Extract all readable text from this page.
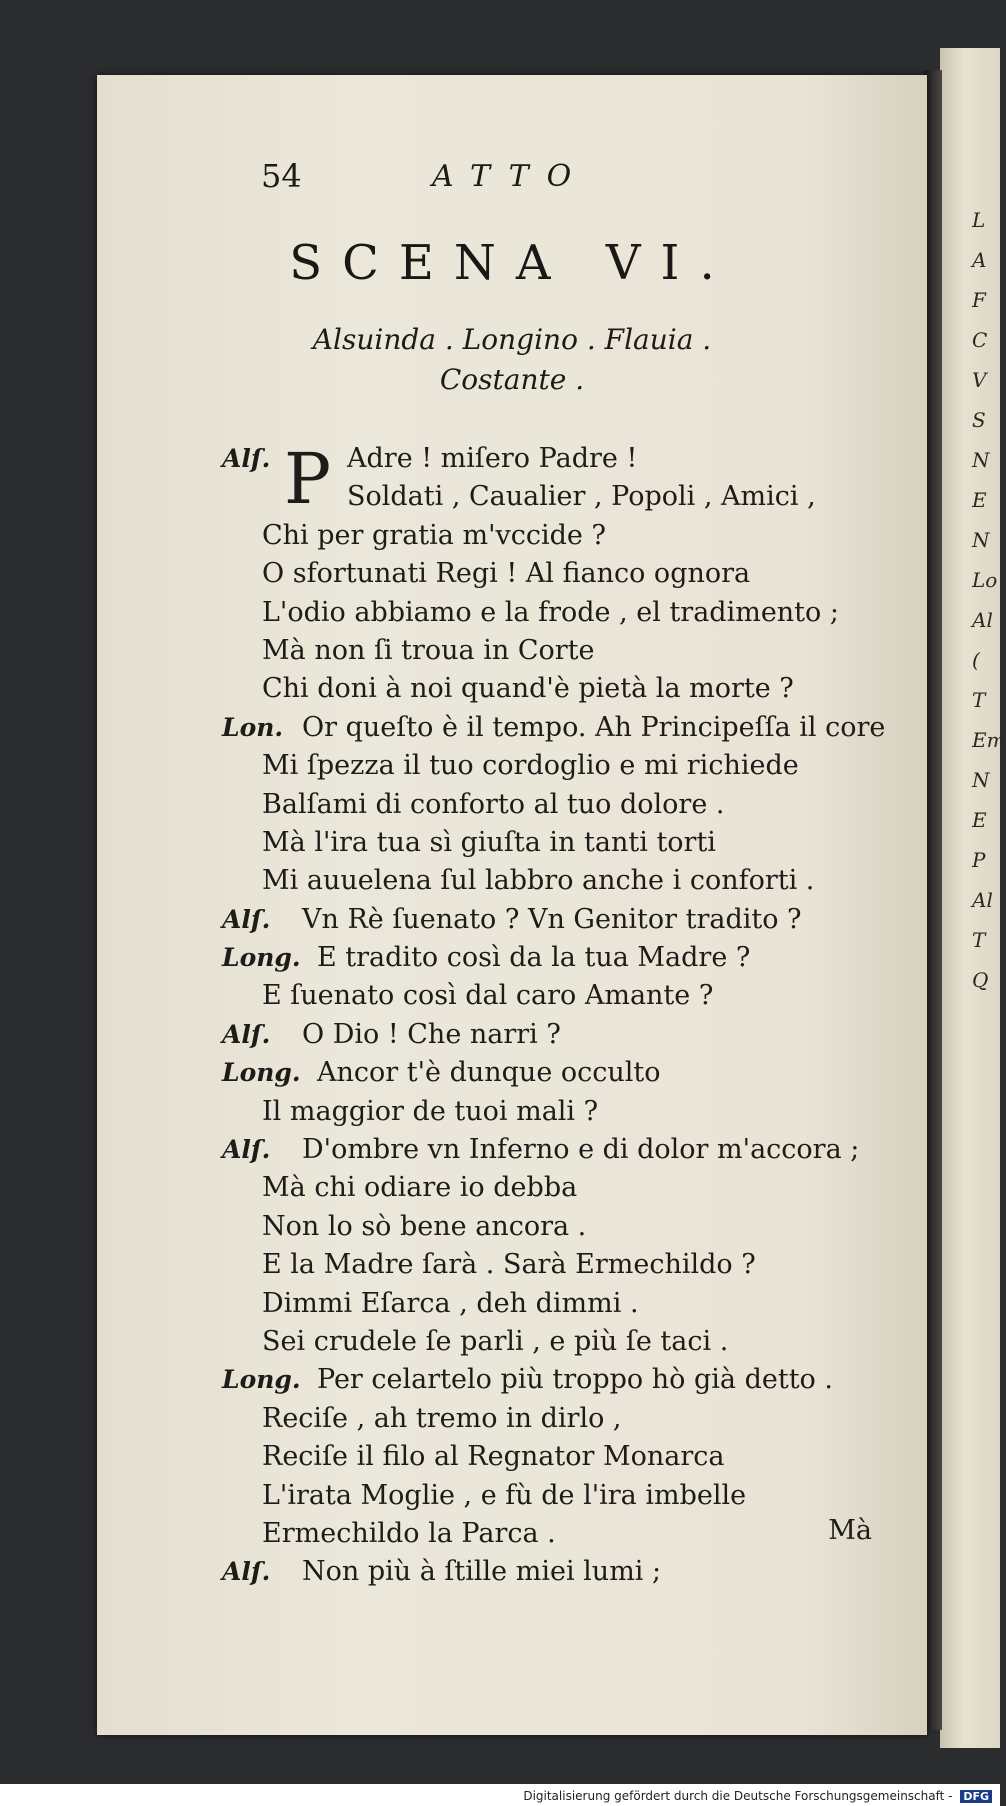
L
A
F
C
V
S
N
E
N
Lo
Al
(
T
Em
N
E
P
Al
T
Q
54	ATTO
SCENA VI.
Alsuinda . Longino . Flauia .
Costante .
Alſ. P Adre ! miſero Padre !
Soldati , Caualier , Popoli , Amici ,
Chi per gratia m'vccide ?
O sfortunati Regi ! Al fianco ognora
L'odio abbiamo e la frode , el tradimento ;
Mà non ſi troua in Corte
Chi doni à noi quand'è pietà la morte ?
Lon. Or queſto è il tempo. Ah Principeſſa il core
Mi ſpezza il tuo cordoglio e mi richiede
Balſami di conforto al tuo dolore .
Mà l'ira tua sì giuſta in tanti torti
Mi auuelena ſul labbro anche i conforti .
Alſ. Vn Rè ſuenato ? Vn Genitor tradito ?
Long. E tradito così da la tua Madre ?
E ſuenato così dal caro Amante ?
Alſ. O Dio ! Che narri ?
Long. Ancor t'è dunque occulto
Il maggior de tuoi mali ?
Alſ. D'ombre vn Inferno e di dolor m'accora ;
Mà chi odiare io debba
Non lo sò bene ancora .
E la Madre ſarà . Sarà Ermechildo ?
Dimmi Eſarca , deh dimmi .
Sei crudele ſe parli , e più ſe taci .
Long. Per celartelo più troppo hò già detto .
Reciſe , ah tremo in dirlo ,
Reciſe il filo al Regnator Monarca
L'irata Moglie , e fù de l'ira imbelle
Ermechildo la Parca .
Alſ. Non più à ſtille miei lumi ;
Mà
Digitalisierung gefördert durch die Deutsche Forschungsgemeinschaft - DFG
